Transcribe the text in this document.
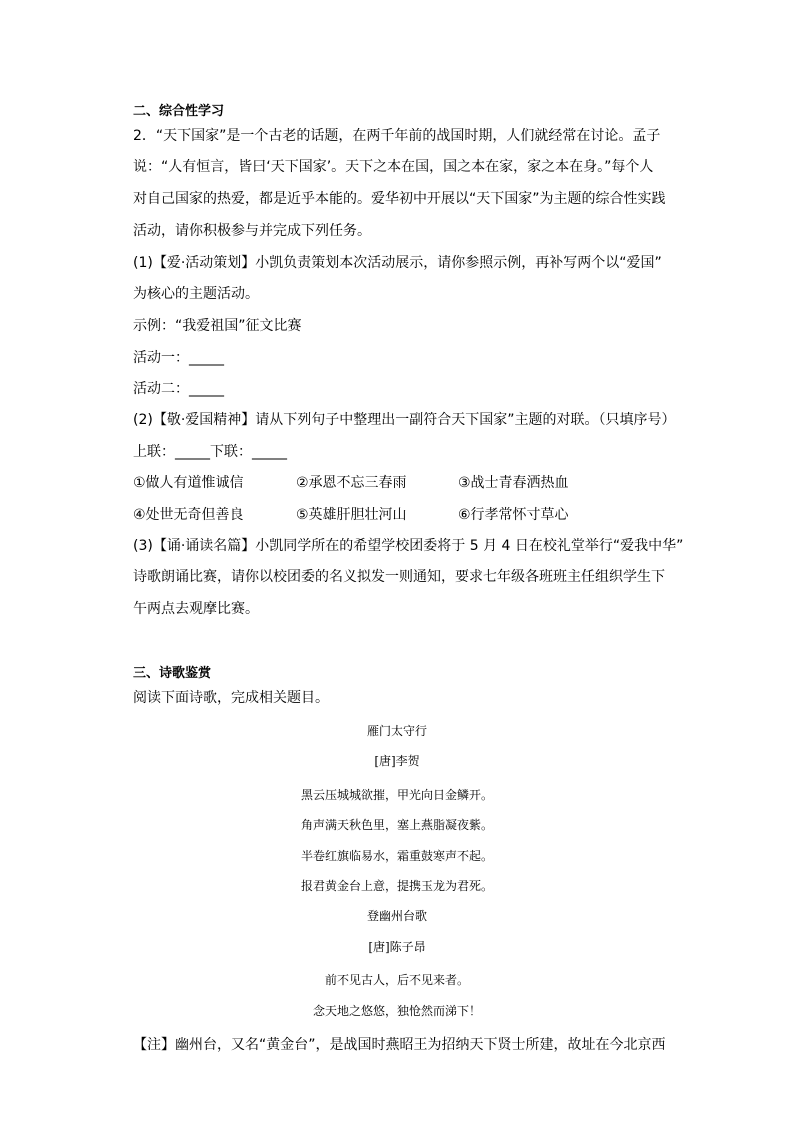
二、综合性学习
2．“天下国家”是一个古老的话题，在两千年前的战国时期，人们就经常在讨论。孟子
说：“人有恒言，皆曰‘天下国家’。天下之本在国，国之本在家，家之本在身。”每个人
对自己国家的热爱，都是近乎本能的。爱华初中开展以“天下国家”为主题的综合性实践
活动，请你积极参与并完成下列任务。
(1)【爱·活动策划】小凯负责策划本次活动展示，请你参照示例，再补写两个以“爱国”
为核心的主题活动。
示例：“我爱祖国”征文比赛
活动一：_____
活动二：_____
(2)【敬·爱国精神】请从下列句子中整理出一副符合天下国家”主题的对联。（只填序号）
上联：_____下联：_____
①做人有道惟诚信	②承恩不忘三春雨	③战士青春洒热血
④处世无奇但善良	⑤英雄肝胆壮河山	⑥行孝常怀寸草心
(3)【诵·诵读名篇】小凯同学所在的希望学校团委将于 5 月 4 日在校礼堂举行“爱我中华”
诗歌朗诵比赛，请你以校团委的名义拟发一则通知，要求七年级各班班主任组织学生下
午两点去观摩比赛。
三、诗歌鉴赏
阅读下面诗歌，完成相关题目。
雁门太守行
[唐]李贺
黑云压城城欲摧，甲光向日金鳞开。
角声满天秋色里，塞上燕脂凝夜紫。
半卷红旗临易水，霜重鼓寒声不起。
报君黄金台上意，提携玉龙为君死。
登幽州台歌
[唐]陈子昂
前不见古人，后不见来者。
念天地之悠悠，独怆然而涕下！
【注】幽州台，又名“黄金台”，是战国时燕昭王为招纳天下贤士所建，故址在今北京西
